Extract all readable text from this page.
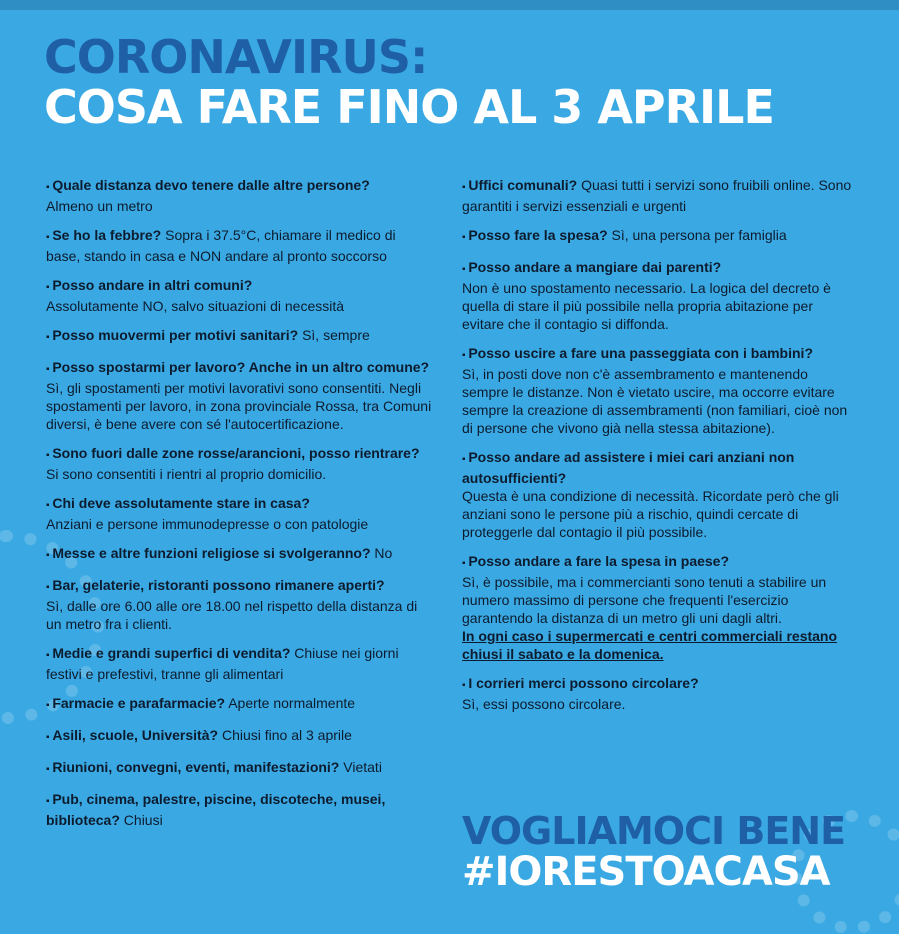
CORONAVIRUS:
COSA FARE FINO AL 3 APRILE
▪ Quale distanza devo tenere dalle altre persone?
Almeno un metro
▪ Se ho la febbre? Sopra i 37.5°C, chiamare il medico di base, stando in casa e NON andare al pronto soccorso
▪ Posso andare in altri comuni?
Assolutamente NO, salvo situazioni di necessità
▪ Posso muovermi per motivi sanitari? Sì, sempre
▪ Posso spostarmi per lavoro? Anche in un altro comune?
Sì, gli spostamenti per motivi lavorativi sono consentiti. Negli spostamenti per lavoro, in zona provinciale Rossa, tra Comuni diversi, è bene avere con sé l'autocertificazione.
▪ Sono fuori dalle zone rosse/arancioni, posso rientrare?
Si sono consentiti i rientri al proprio domicilio.
▪ Chi deve assolutamente stare in casa?
Anziani e persone immunodepresse o con patologie
▪ Messe e altre funzioni religiose si svolgeranno? No
▪ Bar, gelaterie, ristoranti possono rimanere aperti?
Sì, dalle ore 6.00 alle ore 18.00 nel rispetto della distanza di un metro fra i clienti.
▪ Medie e grandi superfici di vendita? Chiuse nei giorni festivi e prefestivi, tranne gli alimentari
▪ Farmacie e parafarmacie? Aperte normalmente
▪ Asili, scuole, Università? Chiusi fino al 3 aprile
▪ Riunioni, convegni, eventi, manifestazioni? Vietati
▪ Pub, cinema, palestre, piscine, discoteche, musei, biblioteca? Chiusi
▪ Uffici comunali? Quasi tutti i servizi sono fruibili online. Sono garantiti i servizi essenziali e urgenti
▪ Posso fare la spesa? Sì, una persona per famiglia
▪ Posso andare a mangiare dai parenti?
Non è uno spostamento necessario. La logica del decreto è quella di stare il più possibile nella propria abitazione per evitare che il contagio si diffonda.
▪ Posso uscire a fare una passeggiata con i bambini?
Sì, in posti dove non c'è assembramento e mantenendo sempre le distanze. Non è vietato uscire, ma occorre evitare sempre la creazione di assembramenti (non familiari, cioè non di persone che vivono già nella stessa abitazione).
▪ Posso andare ad assistere i miei cari anziani non autosufficienti?
Questa è una condizione di necessità. Ricordate però che gli anziani sono le persone più a rischio, quindi cercate di proteggerle dal contagio il più possibile.
▪ Posso andare a fare la spesa in paese?
Sì, è possibile, ma i commercianti sono tenuti a stabilire un numero massimo di persone che frequenti l'esercizio garantendo la distanza di un metro gli uni dagli altri.
In ogni caso i supermercati e centri commerciali restano chiusi il sabato e la domenica.
▪ I corrieri merci possono circolare?
Sì, essi possono circolare.
VOGLIAMOCI BENE
#IORESTOACASA
